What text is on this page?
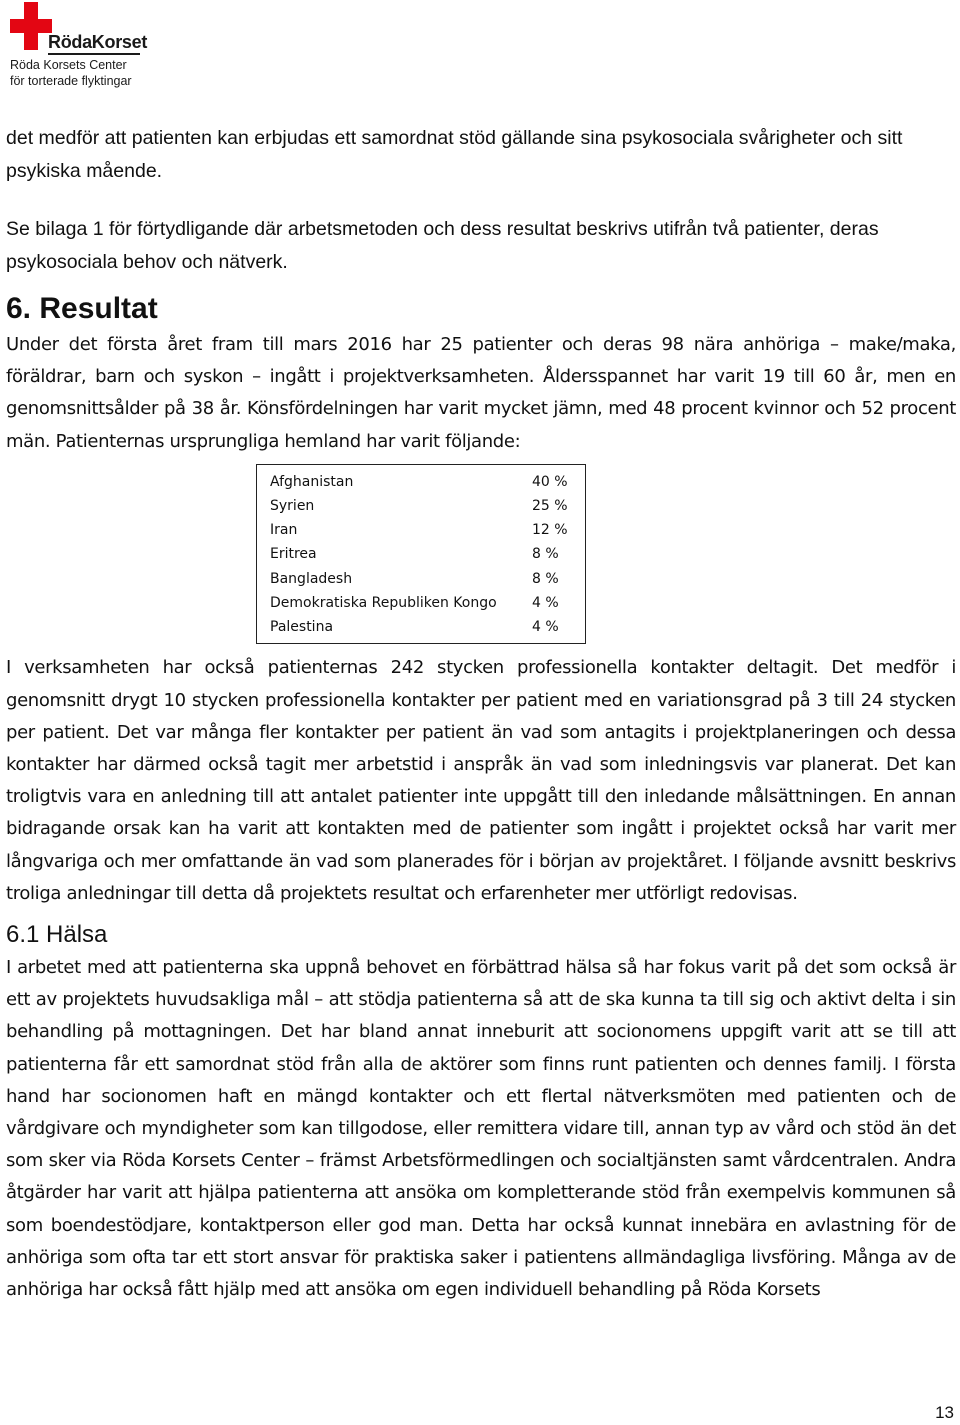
RödaKorset
Röda Korsets Center
för torterade flyktingar

det medför att patienten kan erbjudas ett samordnat stöd gällande sina psykosociala svårigheter och sitt psykiska mående.

Se bilaga 1 för förtydligande där arbetsmetoden och dess resultat beskrivs utifrån två patienter, deras psykosociala behov och nätverk.

6. Resultat

Under det första året fram till mars 2016 har 25 patienter och deras 98 nära anhöriga – make/maka, föräldrar, barn och syskon – ingått i projektverksamheten. Åldersspannet har varit 19 till 60 år, men en genomsnittsålder på 38 år. Könsfördelningen har varit mycket jämn, med 48 procent kvinnor och 52 procent män. Patienternas ursprungliga hemland har varit följande:

Afghanistan	40 %
Syrien	25 %
Iran	12 %
Eritrea	8 %
Bangladesh	8 %
Demokratiska Republiken Kongo	4 %
Palestina	4 %

I verksamheten har också patienternas 242 stycken professionella kontakter deltagit. Det medför i genomsnitt drygt 10 stycken professionella kontakter per patient med en variationsgrad på 3 till 24 stycken per patient. Det var många fler kontakter per patient än vad som antagits i projektplaneringen och dessa kontakter har därmed också tagit mer arbetstid i anspråk än vad som inledningsvis var planerat. Det kan troligtvis vara en anledning till att antalet patienter inte uppgått till den inledande målsättningen. En annan bidragande orsak kan ha varit att kontakten med de patienter som ingått i projektet också har varit mer långvariga och mer omfattande än vad som planerades för i början av projektåret. I följande avsnitt beskrivs troliga anledningar till detta då projektets resultat och erfarenheter mer utförligt redovisas.

6.1 Hälsa

I arbetet med att patienterna ska uppnå behovet en förbättrad hälsa så har fokus varit på det som också är ett av projektets huvudsakliga mål – att stödja patienterna så att de ska kunna ta till sig och aktivt delta i sin behandling på mottagningen. Det har bland annat inneburit att socionomens uppgift varit att se till att patienterna får ett samordnat stöd från alla de aktörer som finns runt patienten och dennes familj. I första hand har socionomen haft en mängd kontakter och ett flertal nätverksmöten med patienten och de vårdgivare och myndigheter som kan tillgodose, eller remittera vidare till, annan typ av vård och stöd än det som sker via Röda Korsets Center – främst Arbetsförmedlingen och socialtjänsten samt vårdcentralen. Andra åtgärder har varit att hjälpa patienterna att ansöka om kompletterande stöd från exempelvis kommunen så som boendestödjare, kontaktperson eller god man. Detta har också kunnat innebära en avlastning för de anhöriga som ofta tar ett stort ansvar för praktiska saker i patientens allmändagliga livsföring. Många av de anhöriga har också fått hjälp med att ansöka om egen individuell behandling på Röda Korsets

13
